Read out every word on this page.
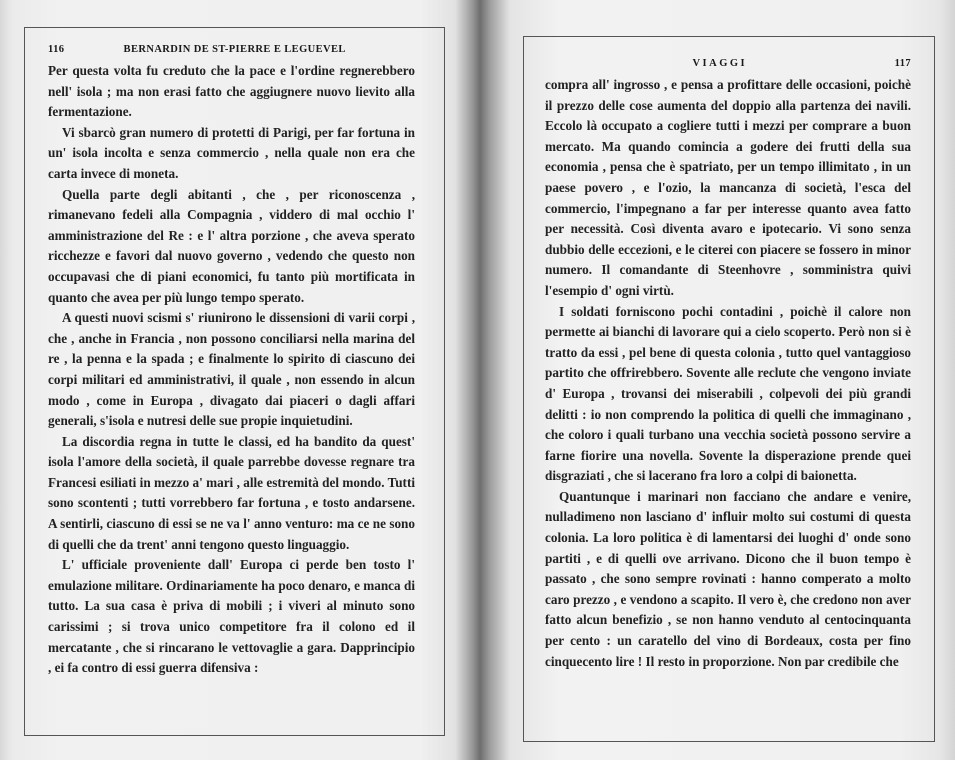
116	BERNARDIN DE ST-PIERRE E LEGUEVEL

Per questa volta fu creduto che la pace e l'ordine regnerebbero nell' isola ; ma non erasi fatto che aggiugnere nuovo lievito alla fermentazione.

Vi sbarcò gran numero di protetti di Parigi, per far fortuna in un' isola incolta e senza commercio , nella quale non era che carta invece di moneta.

Quella parte degli abitanti , che , per riconoscenza , rimanevano fedeli alla Compagnia , viddero di mal occhio l' amministrazione del Re : e l' altra porzione , che aveva sperato ricchezze e favori dal nuovo governo , vedendo che questo non occupavasi che di piani economici, fu tanto più mortificata in quanto che avea per più lungo tempo sperato.

A questi nuovi scismi s' riunirono le dissensioni di varii corpi , che , anche in Francia , non possono conciliarsi nella marina del re , la penna e la spada ; e finalmente lo spirito di ciascuno dei corpi militari ed amministrativi, il quale , non essendo in alcun modo , come in Europa , divagato dai piaceri o dagli affari generali, s'isola e nutresi delle sue propie inquietudini.

La discordia regna in tutte le classi, ed ha bandito da quest' isola l'amore della società, il quale parrebbe dovesse regnare tra Francesi esiliati in mezzo a' mari , alle estremità del mondo. Tutti sono scontenti ; tutti vorrebbero far fortuna , e tosto andarsene. A sentirli, ciascuno di essi se ne va l' anno venturo: ma ce ne sono di quelli che da trent' anni tengono questo linguaggio.

L' ufficiale proveniente dall' Europa ci perde ben tosto l' emulazione militare. Ordinariamente ha poco denaro, e manca di tutto. La sua casa è priva di mobili ; i viveri al minuto sono carissimi ; si trova unico competitore fra il colono ed il mercatante , che si rincarano le vettovaglie a gara. Dapprincipio , ei fa contro di essi guerra difensiva :

VIAGGI	117

compra all' ingrosso , e pensa a profittare delle occasioni, poichè il prezzo delle cose aumenta del doppio alla partenza dei navili. Eccolo là occupato a cogliere tutti i mezzi per comprare a buon mercato. Ma quando comincia a godere dei frutti della sua economia , pensa che è spatriato, per un tempo illimitato , in un paese povero , e l'ozio, la mancanza di società, l'esca del commercio, l'impegnano a far per interesse quanto avea fatto per necessità. Così diventa avaro e ipotecario. Vi sono senza dubbio delle eccezioni, e le citerei con piacere se fossero in minor numero. Il comandante di Steenhovre , somministra quivi l'esempio d' ogni virtù.

I soldati forniscono pochi contadini , poichè il calore non permette ai bianchi di lavorare qui a cielo scoperto. Però non si è tratto da essi , pel bene di questa colonia , tutto quel vantaggioso partito che offrirebbero. Sovente alle reclute che vengono inviate d' Europa , trovansi dei miserabili , colpevoli dei più grandi delitti : io non comprendo la politica di quelli che immaginano , che coloro i quali turbano una vecchia società possono servire a farne fiorire una novella. Sovente la disperazione prende quei disgraziati , che si lacerano fra loro a colpi di baionetta.

Quantunque i marinari non facciano che andare e venire, nulladimeno non lasciano d' influir molto sui costumi di questa colonia. La loro politica è di lamentarsi dei luoghi d' onde sono partiti , e di quelli ove arrivano. Dicono che il buon tempo è passato , che sono sempre rovinati : hanno comperato a molto caro prezzo , e vendono a scapito. Il vero è, che credono non aver fatto alcun benefizio , se non hanno venduto al centocinquanta per cento : un caratello del vino di Bordeaux, costa per fino cinquecento lire ! Il resto in proporzione. Non par credibile che
